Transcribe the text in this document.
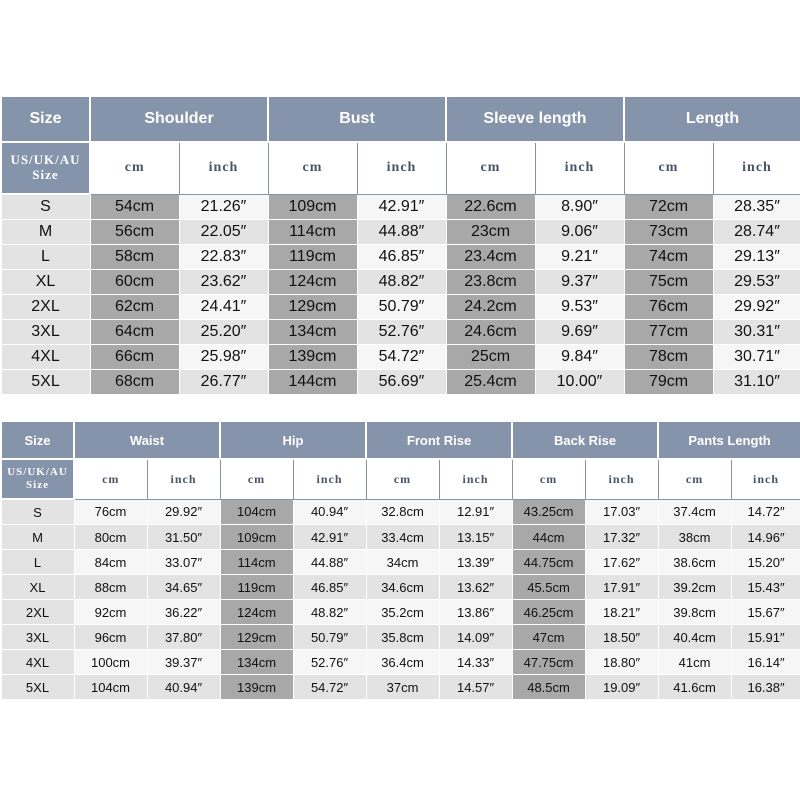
Size	Shoulder		Bust		Sleeve length		Length	
US/UK/AU
Size	cm	inch	cm	inch	cm	inch	cm	inch
S	54cm	21.26″	109cm	42.91″	22.6cm	8.90″	72cm	28.35″
M	56cm	22.05″	114cm	44.88″	23cm	9.06″	73cm	28.74″
L	58cm	22.83″	119cm	46.85″	23.4cm	9.21″	74cm	29.13″
XL	60cm	23.62″	124cm	48.82″	23.8cm	9.37″	75cm	29.53″
2XL	62cm	24.41″	129cm	50.79″	24.2cm	9.53″	76cm	29.92″
3XL	64cm	25.20″	134cm	52.76″	24.6cm	9.69″	77cm	30.31″
4XL	66cm	25.98″	139cm	54.72″	25cm	9.84″	78cm	30.71″
5XL	68cm	26.77″	144cm	56.69″	25.4cm	10.00″	79cm	31.10″
Size	Waist		Hip		Front Rise		Back Rise		Pants Length	
US/UK/AU
Size	cm	inch	cm	inch	cm	inch	cm	inch	cm	inch
S	76cm	29.92″	104cm	40.94″	32.8cm	12.91″	43.25cm	17.03″	37.4cm	14.72″
M	80cm	31.50″	109cm	42.91″	33.4cm	13.15″	44cm	17.32″	38cm	14.96″
L	84cm	33.07″	114cm	44.88″	34cm	13.39″	44.75cm	17.62″	38.6cm	15.20″
XL	88cm	34.65″	119cm	46.85″	34.6cm	13.62″	45.5cm	17.91″	39.2cm	15.43″
2XL	92cm	36.22″	124cm	48.82″	35.2cm	13.86″	46.25cm	18.21″	39.8cm	15.67″
3XL	96cm	37.80″	129cm	50.79″	35.8cm	14.09″	47cm	18.50″	40.4cm	15.91″
4XL	100cm	39.37″	134cm	52.76″	36.4cm	14.33″	47.75cm	18.80″	41cm	16.14″
5XL	104cm	40.94″	139cm	54.72″	37cm	14.57″	48.5cm	19.09″	41.6cm	16.38″
